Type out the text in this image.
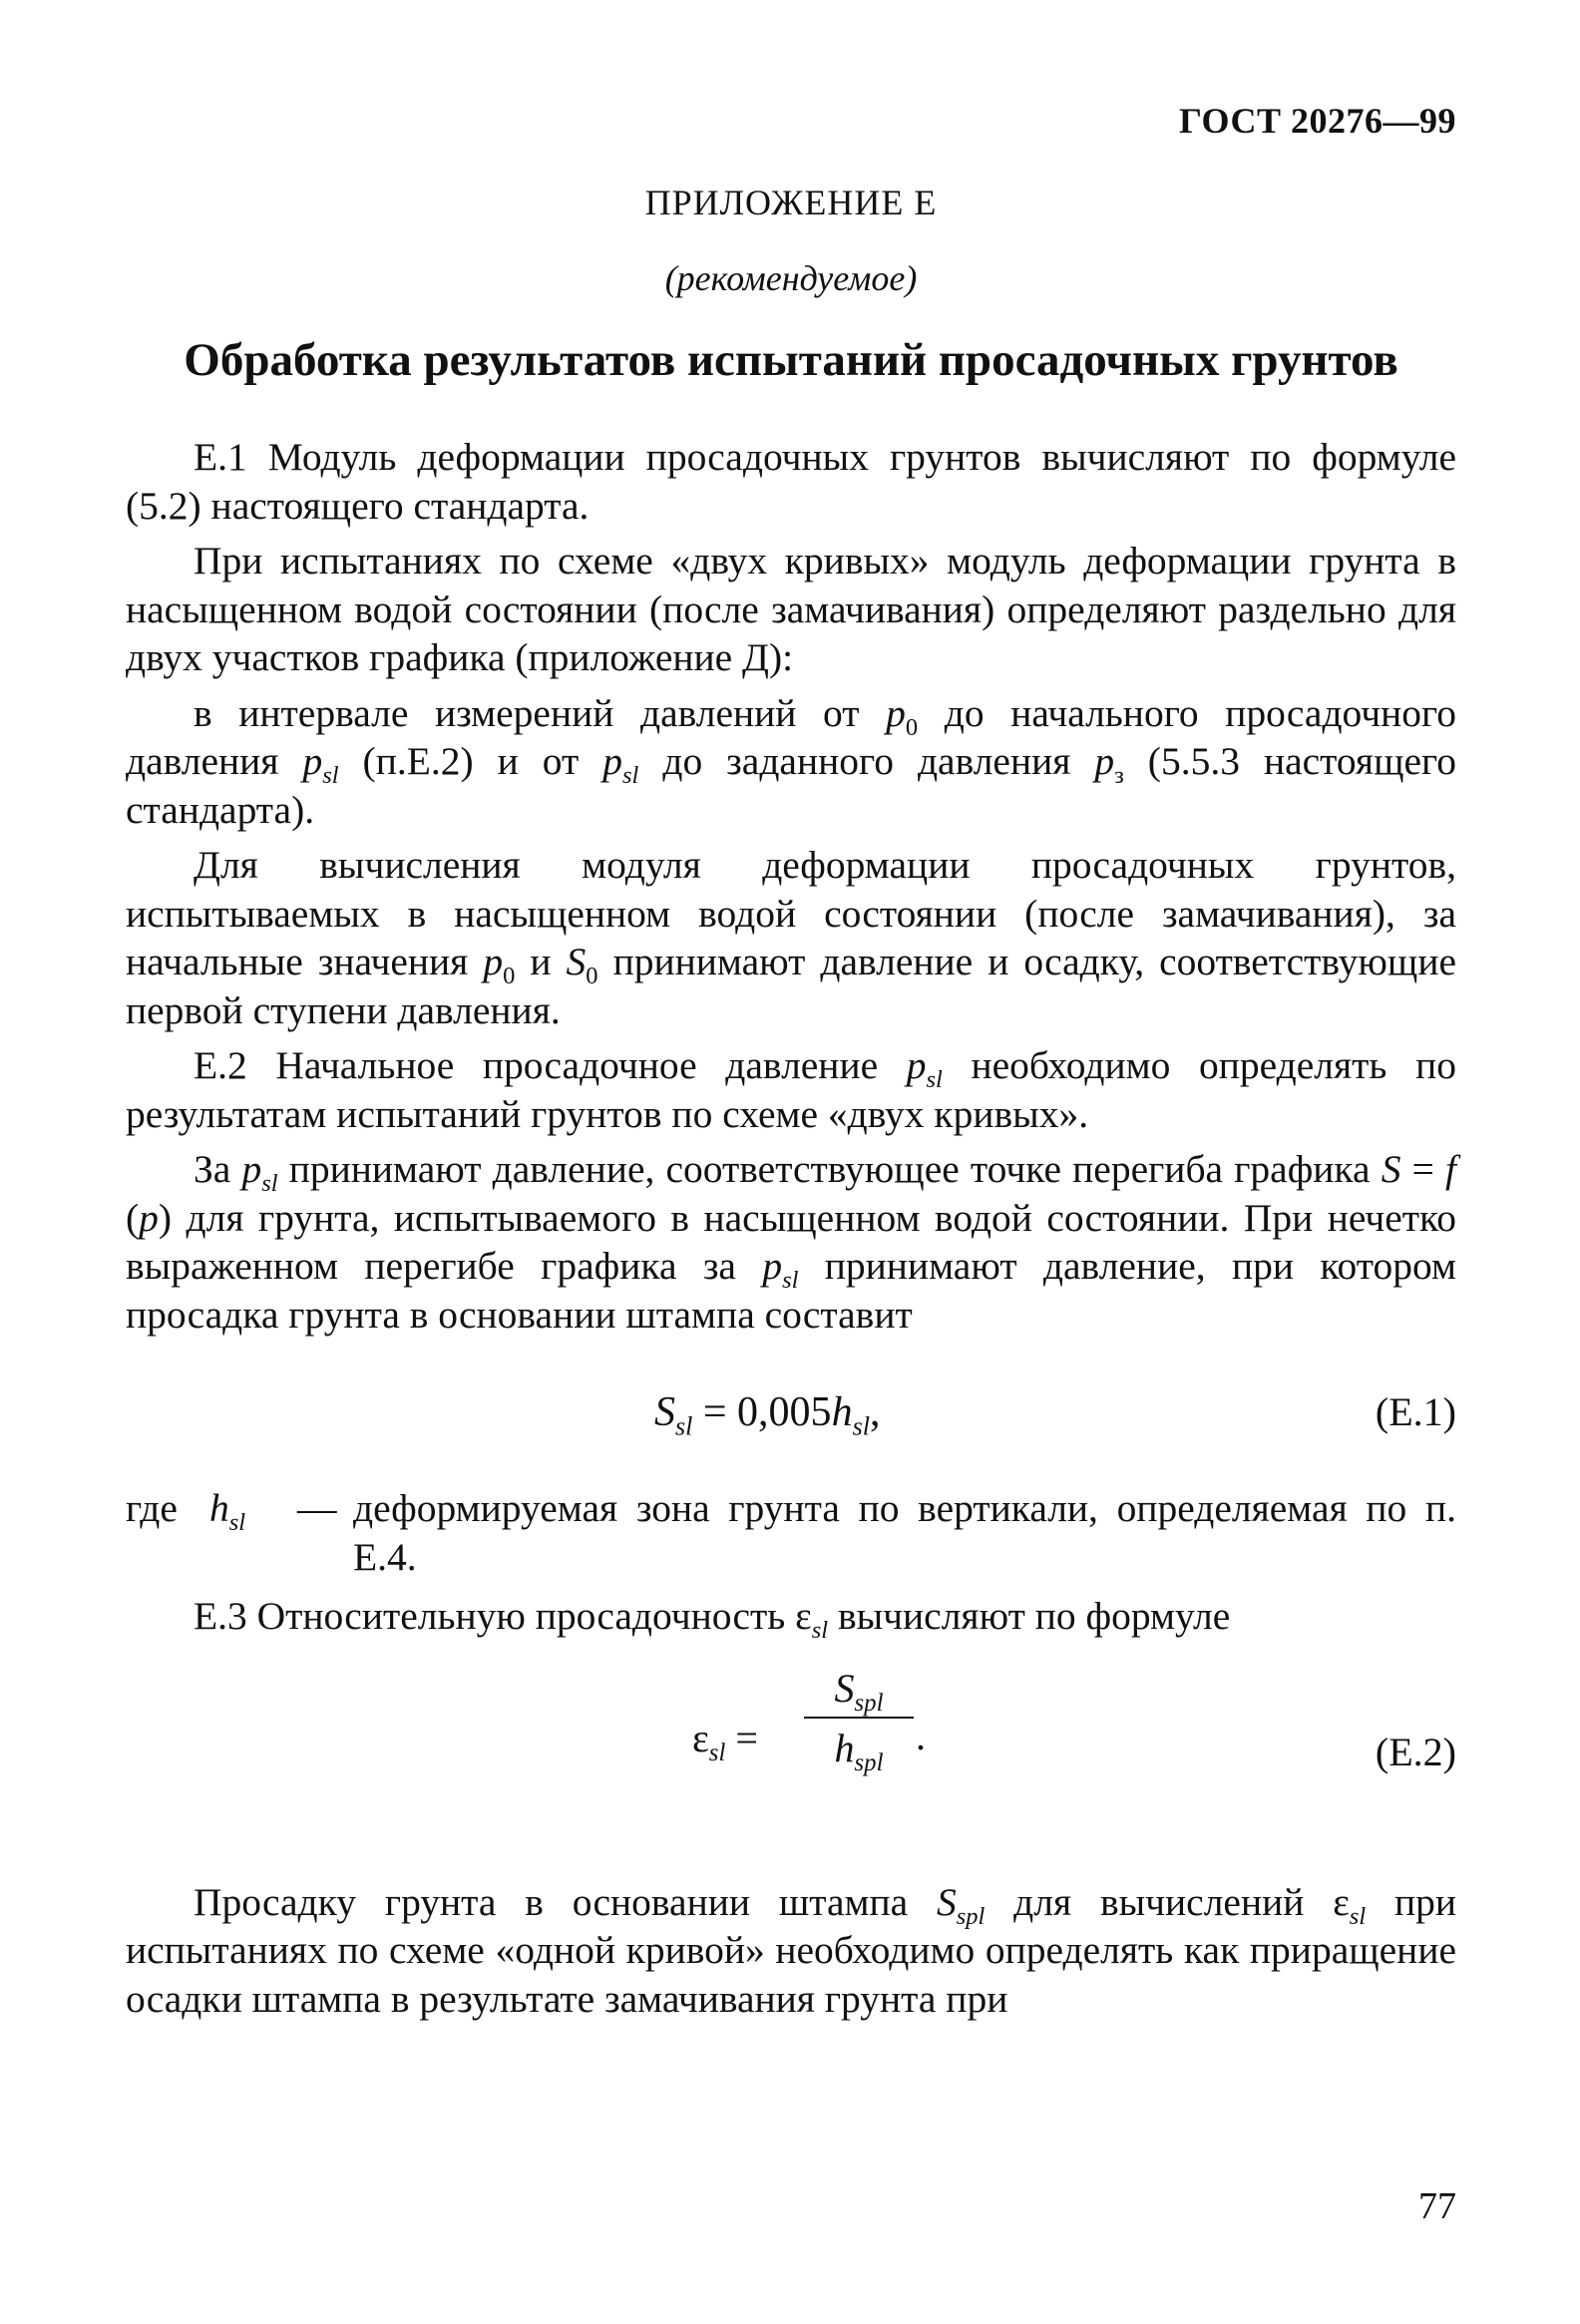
ГОСТ 20276—99
ПРИЛОЖЕНИЕ Е
(рекомендуемое)
Обработка результатов испытаний просадочных грунтов

Е.1 Модуль деформации просадочных грунтов вычисляют по формуле (5.2) настоящего стандарта.

При испытаниях по схеме «двух кривых» модуль деформации грунта в насыщенном водой состоянии (после замачивания) определяют раздельно для двух участков графика (приложение Д):

в интервале измерений давлений от $p_0$ до начального просадочного давления $p_{sl}$ (п.Е.2) и от $p_{sl}$ до заданного давления $p_з$ (5.5.3 настоящего стандарта).

Для вычисления модуля деформации просадочных грунтов, испытываемых в насыщенном водой состоянии (после замачивания), за начальные значения $p_0$ и $S_0$ принимают давление и осадку, соответствующие первой ступени давления.

Е.2 Начальное просадочное давление $p_{sl}$ необходимо определять по результатам испытаний грунтов по схеме «двух кривых».

За $p_{sl}$ принимают давление, соответствующее точке перегиба графика S = f (p) для грунта, испытываемого в насыщенном водой состоянии. При нечетко выраженном перегибе графика за $p_{sl}$ принимают давление, при котором просадка грунта в основании штампа составит

$S_{sl} = 0,005h_{sl}$,	(Е.1)
где $h_{sl}$ — деформируемая зона грунта по вертикали, определяемая по п. Е.4.

Е.3 Относительную просадочность $\varepsilon_{sl}$ вычисляют по формуле

$\varepsilon_{sl}$ =
$S_{spl}$
$h_{spl}$
.	(Е.2)

Просадку грунта в основании штампа $S_{spl}$ для вычислений $\varepsilon_{sl}$ при испытаниях по схеме «одной кривой» необходимо определять как приращение осадки штампа в результате замачивания грунта при

77
